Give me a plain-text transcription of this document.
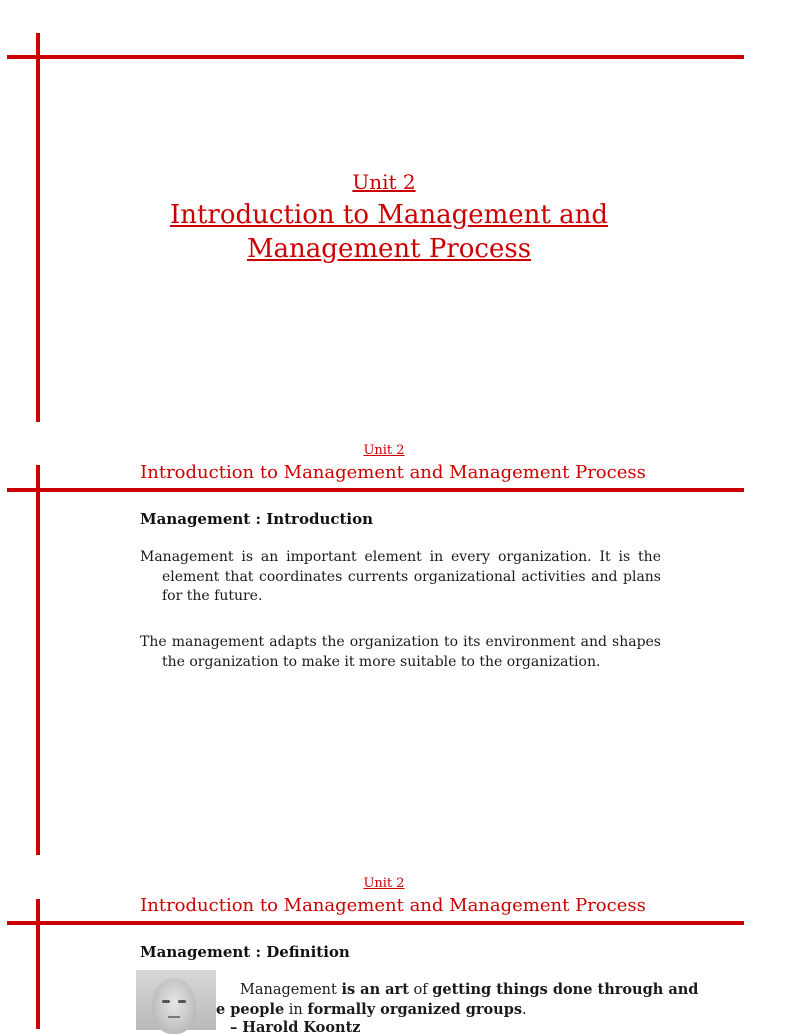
Unit 2
Introduction to Management and Management Process
Unit 2
Introduction to Management and Management Process
Management : Introduction
Management is an important element in every organization. It is the element that coordinates currents organizational activities and plans for the future.
The management adapts the organization to its environment and shapes the organization to make it more suitable to the organization.
Unit 2
Introduction to Management and Management Process
Management : Definition
Management is an art of getting things done through and
e people in formally organized groups.
– Harold Koontz
